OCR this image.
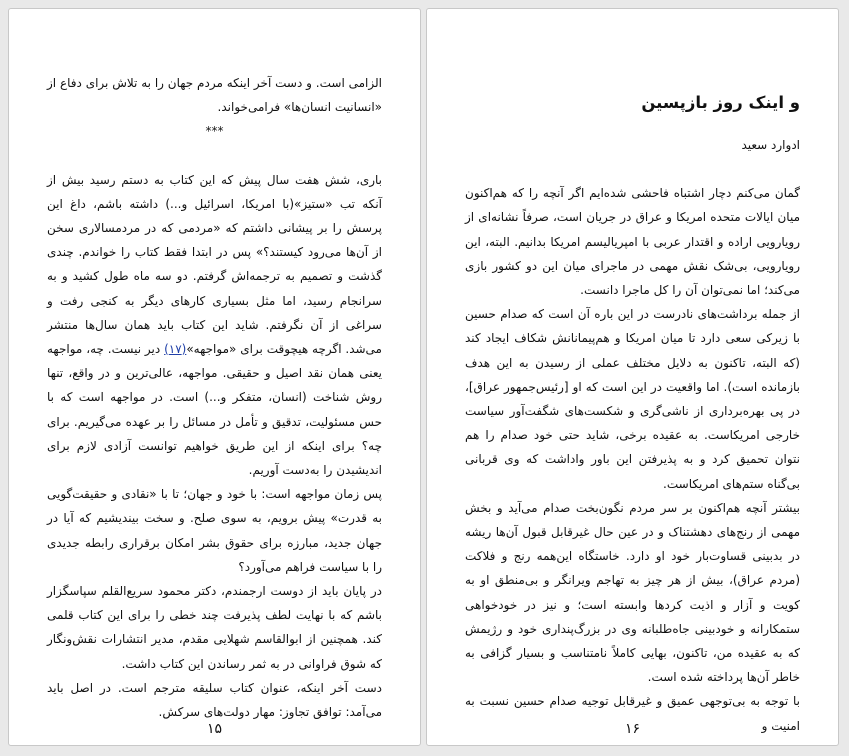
الزامی است. و دست آخر اینکه مردم جهان را به تلاش برای دفاع از «انسانیت انسان‌ها» فرامی‌خواند.

***

باری، شش هفت سال پیش که این کتاب به دستم رسید بیش از آنکه تب «ستیز»(با امریکا، اسرائیل و...) داشته باشم، داغ این پرسش را بر پیشانی داشتم که «مردمی که در مردمسالاری سخن از آن‌ها می‌رود کیستند؟» پس در ابتدا فقط کتاب را خواندم. چندی گذشت و تصمیم به ترجمه‌اش گرفتم. دو سه ماه طول کشید و به سرانجام رسید، اما مثل بسیاری کارهای دیگر به کنجی رفت و سراغی از آن نگرفتم. شاید این کتاب باید همان سال‌ها منتشر می‌شد. اگرچه هیچوقت برای «مواجهه»(۱۷) دیر نیست. چه، مواجهه یعنی همان نقد اصیل و حقیقی. مواجهه، عالی‌ترین و در واقع، تنها روش شناخت (انسان، متفکر و...) است. در مواجهه است که با حس مسئولیت، تدقیق و تأمل در مسائل را بر عهده می‌گیریم. برای چه؟ برای اینکه از این طریق خواهیم توانست آزادی لازم برای اندیشیدن را به‌دست آوریم.

پس زمان مواجهه است: با خود و جهان؛ تا با «نقادی و حقیقت‌گویی به قدرت» پیش برویم، به سوی صلح. و سخت بیندیشیم که آیا در جهان جدید، مبارزه برای حقوق بشر امکان برقراری رابطه جدیدی را با سیاست فراهم می‌آورد؟

در پایان باید از دوست ارجمندم، دکتر محمود سریع‌القلم سپاسگزار باشم که با نهایت لطف پذیرفت چند خطی را برای این کتاب قلمی کند. همچنین از ابوالقاسم شهلایی مقدم، مدیر انتشارات نقش‌ونگار که شوق فراوانی در به ثمر رساندن این کتاب داشت.

دست آخر اینکه، عنوان کتاب سلیقه مترجم است. در اصل باید می‌آمد: توافق تجاوز: مهار دولت‌های سرکش.

۱۵

و اینک روز بازپسین

ادوارد سعید

گمان می‌کنم دچار اشتباه فاحشی شده‌ایم اگر آنچه را که هم‌اکنون میان ایالات متحده امریکا و عراق در جریان است، صرفاً نشانه‌ای از رویارویی اراده و اقتدار عربی با امپریالیسم امریکا بدانیم. البته، این رویارویی، بی‌شک نقش مهمی در ماجرای میان این دو کشور بازی می‌کند؛ اما نمی‌توان آن را کل ماجرا دانست.

از جمله برداشت‌های نادرست در این باره آن است که صدام حسین با زیرکی سعی دارد تا میان امریکا و هم‌پیمانانش شکاف ایجاد کند (که البته، تاکنون به دلایل مختلف عملی از رسیدن به این هدف بازمانده است). اما واقعیت در این است که او [رئیس‌جمهور عراق]، در پی بهره‌برداری از ناشی‌گری و شکست‌های شگفت‌آور سیاست خارجی امریکاست. به عقیده برخی، شاید حتی خود صدام را هم نتوان تحمیق کرد و به پذیرفتن این باور واداشت که وی قربانی بی‌گناه ستم‌های امریکاست.

بیشتر آنچه هم‌اکنون بر سر مردم نگون‌بخت صدام می‌آید و بخش مهمی از رنج‌های دهشتناک و در عین حال غیرقابل قبول آن‌ها ریشه در بدبینی قساوت‌بار خود او دارد. خاستگاه این‌همه رنج و فلاکت (مردم عراق)، بیش از هر چیز به تهاجم ویرانگر و بی‌منطق او به کویت و آزار و اذیت کردها وابسته است؛ و نیز در خودخواهی ستمکارانه و خودبینی جاه‌طلبانه وی در بزرگ‌پنداری خود و رژیمش که به عقیده من، تاکنون، بهایی کاملاً نامتناسب و بسیار گزافی به خاطر آن‌ها پرداخته شده است.

با توجه به بی‌توجهی عمیق و غیرقابل توجیه صدام حسین نسبت به امنیت و

۱۶
